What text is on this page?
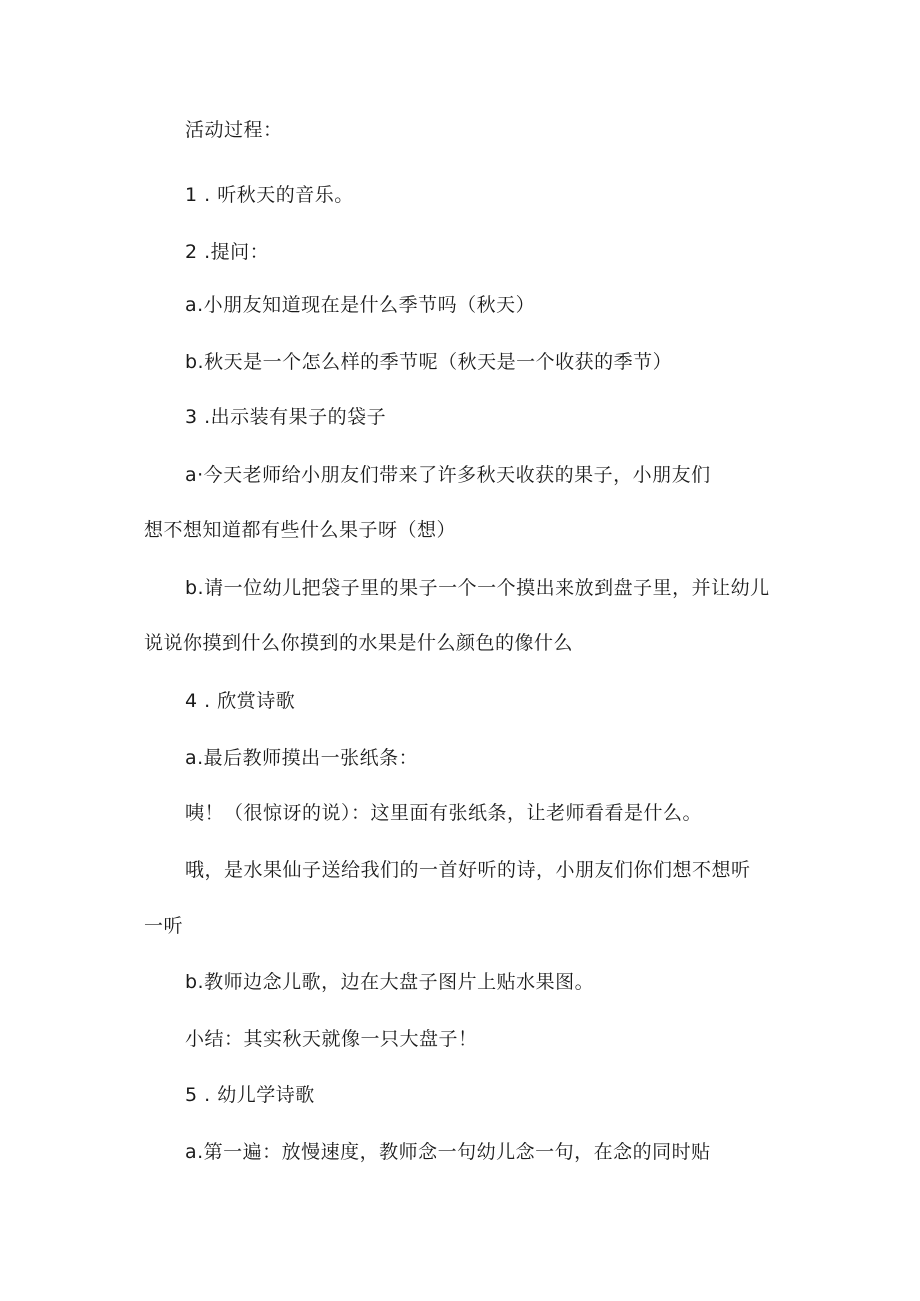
活动过程：
1 . 听秋天的音乐。
2 .提问：
a.小朋友知道现在是什么季节吗（秋天）
b.秋天是一个怎么样的季节呢（秋天是一个收获的季节）
3 .出示装有果子的袋子
a·今天老师给小朋友们带来了许多秋天收获的果子，小朋友们
想不想知道都有些什么果子呀（想）
b.请一位幼儿把袋子里的果子一个一个摸出来放到盘子里，并让幼儿
说说你摸到什么你摸到的水果是什么颜色的像什么
4 . 欣赏诗歌
a.最后教师摸出一张纸条：
咦！（很惊讶的说）：这里面有张纸条，让老师看看是什么。
哦，是水果仙子送给我们的一首好听的诗，小朋友们你们想不想听
一听
b.教师边念儿歌，边在大盘子图片上贴水果图。
小结：其实秋天就像一只大盘子！
5 . 幼儿学诗歌
a.第一遍：放慢速度，教师念一句幼儿念一句，在念的同时贴
